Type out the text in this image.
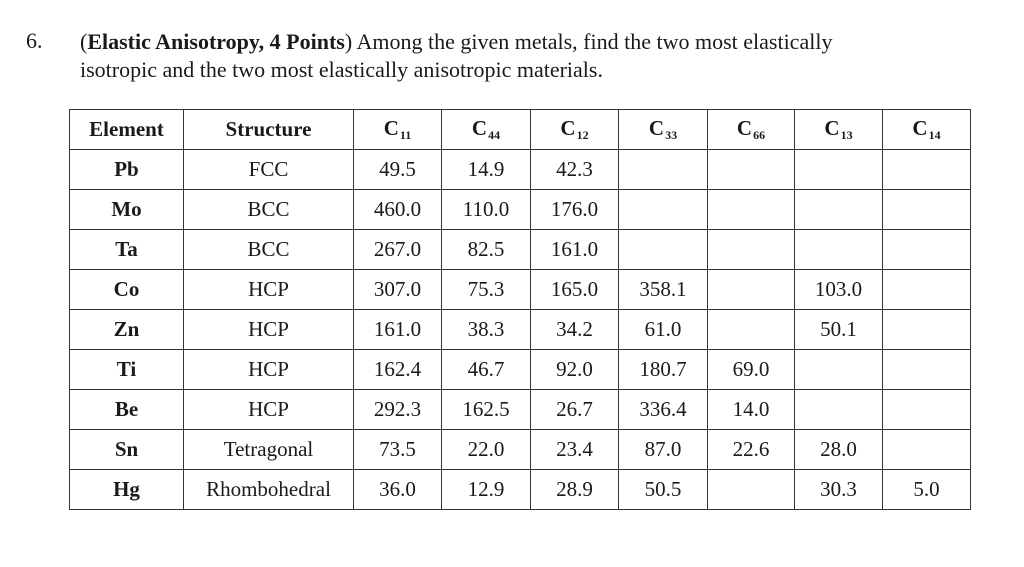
6. (Elastic Anisotropy, 4 Points) Among the given metals, find the two most elastically
isotropic and the two most elastically anisotropic materials.
Element	Structure	$C_{11}$	$C_{44}$	$C_{12}$	$C_{33}$	$C_{66}$	$C_{13}$	$C_{14}$
Pb	FCC	49.5	14.9	42.3				
Mo	BCC	460.0	110.0	176.0				
Ta	BCC	267.0	82.5	161.0				
Co	HCP	307.0	75.3	165.0	358.1		103.0	
Zn	HCP	161.0	38.3	34.2	61.0		50.1	
Ti	HCP	162.4	46.7	92.0	180.7	69.0		
Be	HCP	292.3	162.5	26.7	336.4	14.0		
Sn	Tetragonal	73.5	22.0	23.4	87.0	22.6	28.0	
Hg	Rhombohedral	36.0	12.9	28.9	50.5		30.3	5.0
